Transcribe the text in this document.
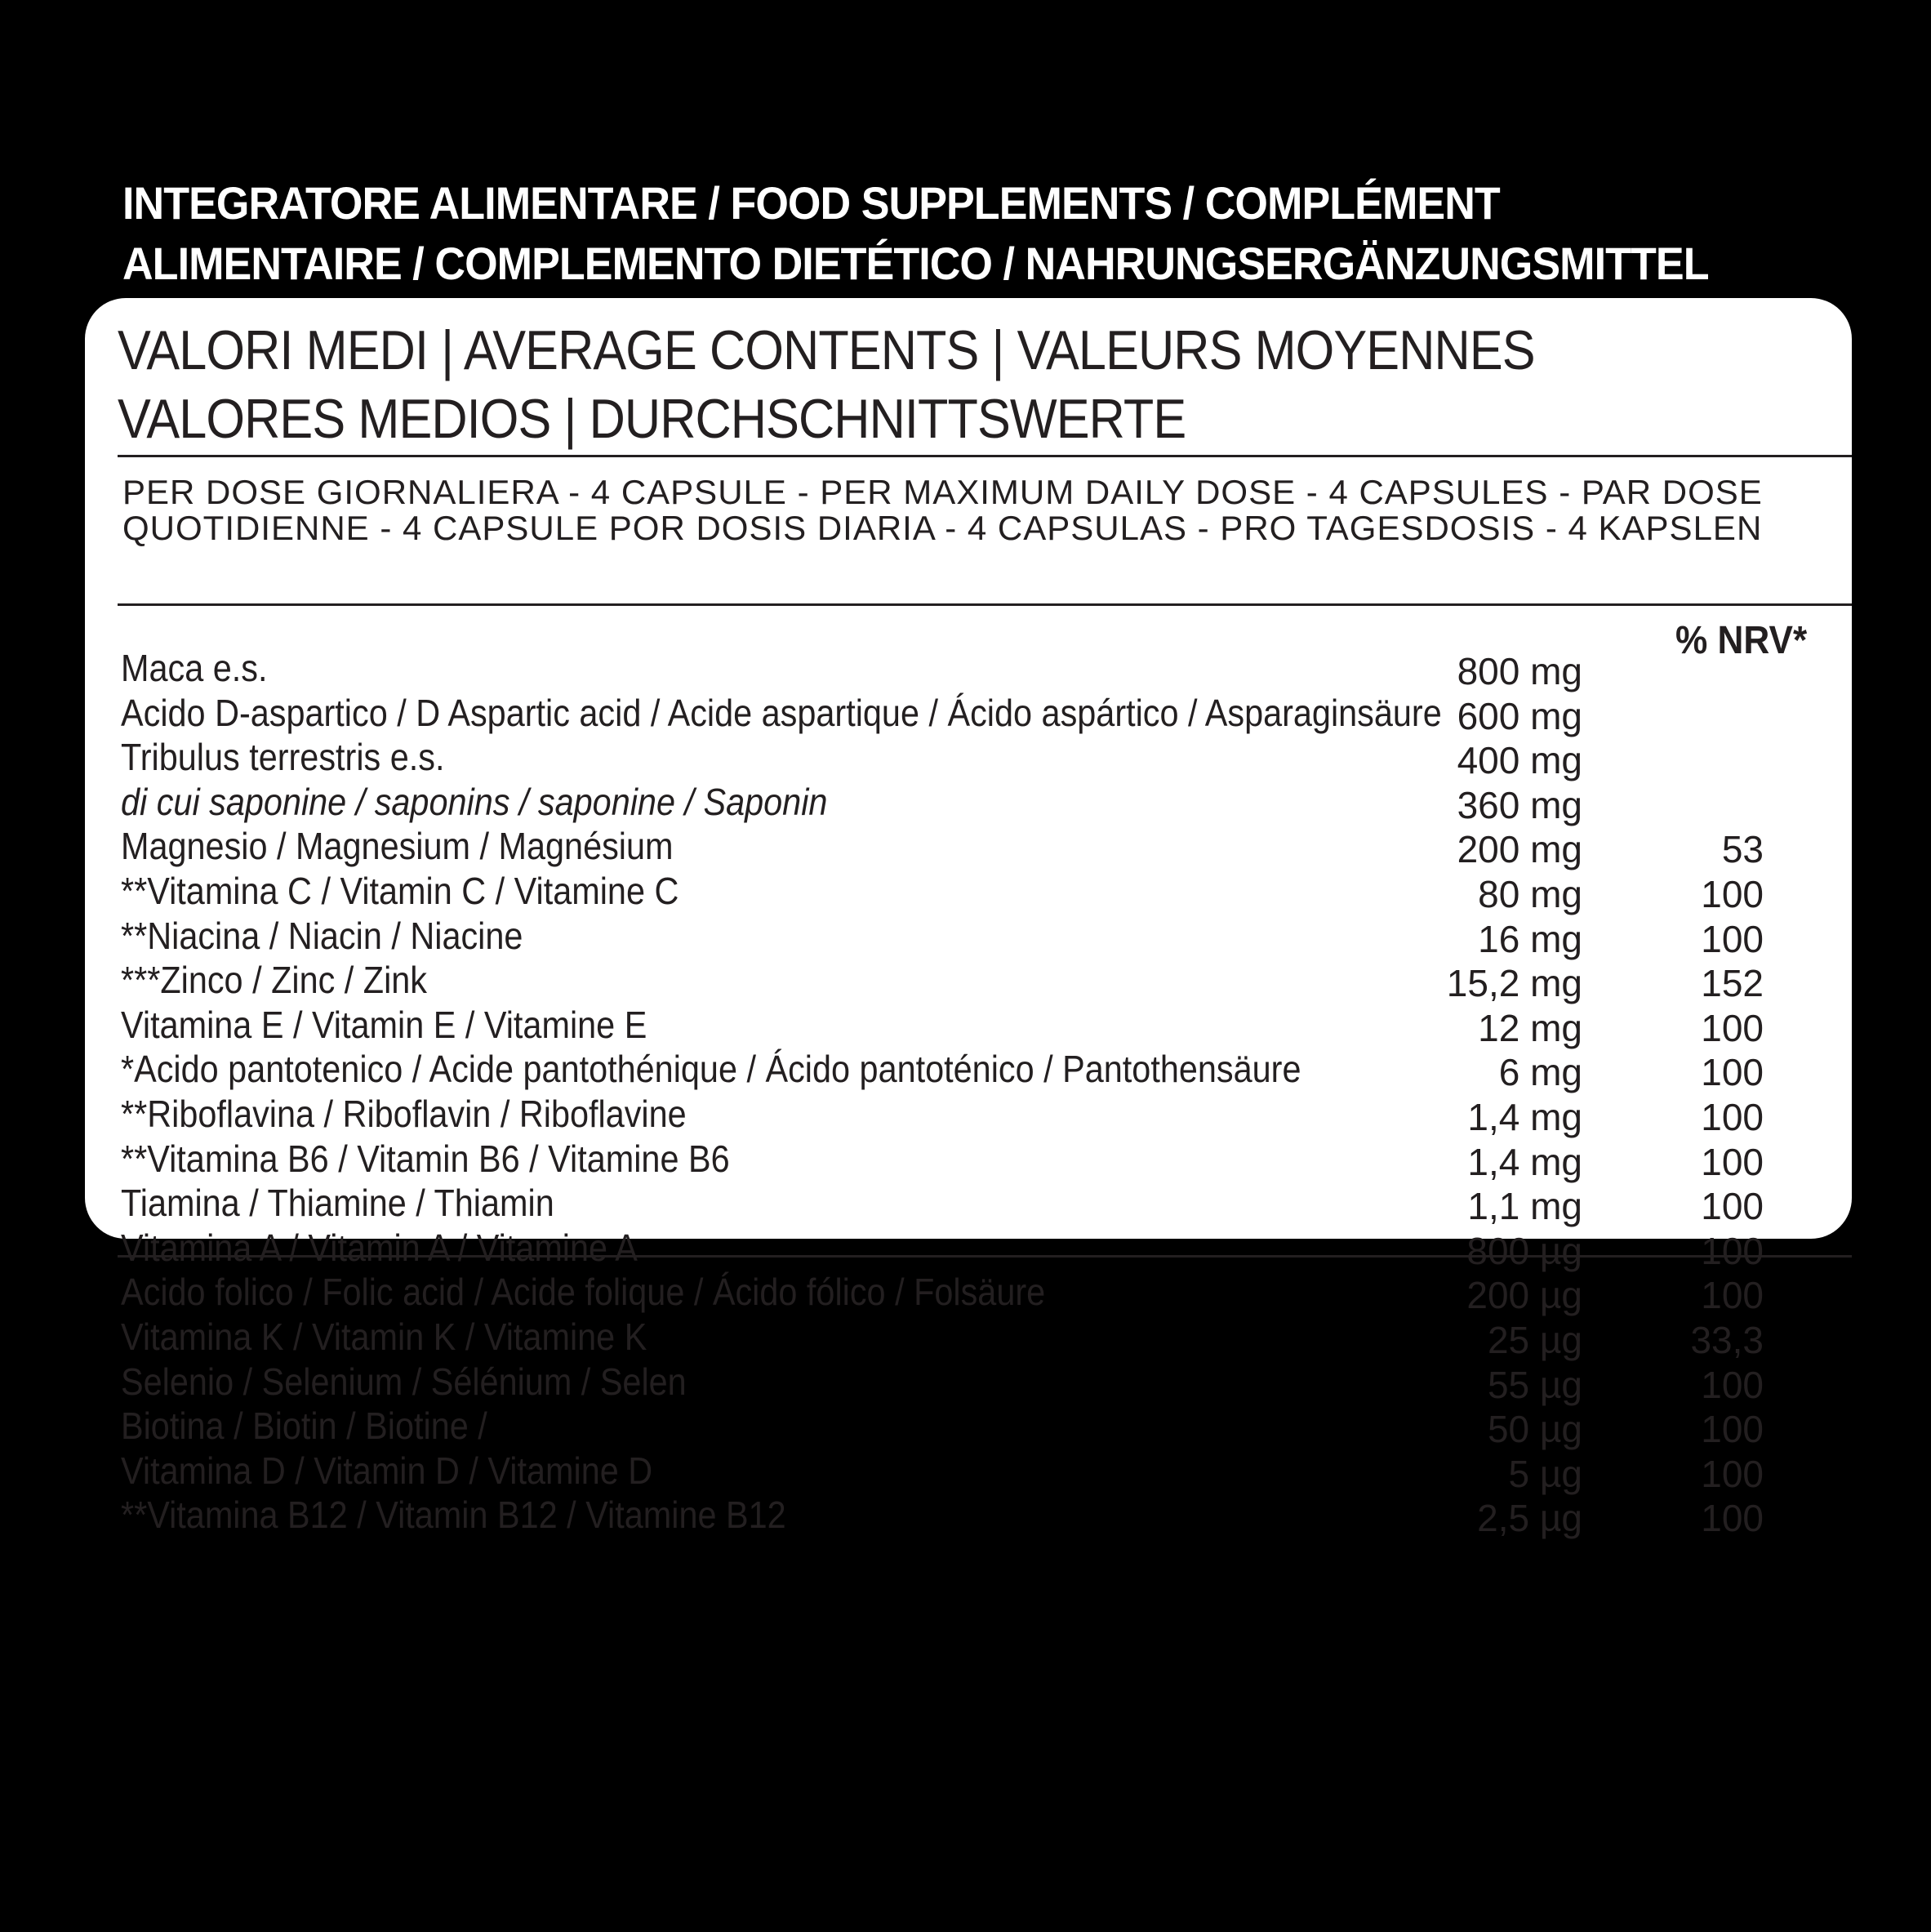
INTEGRATORE ALIMENTARE / FOOD SUPPLEMENTS / COMPLÉMENT
ALIMENTAIRE / COMPLEMENTO DIETÉTICO / NAHRUNGSERGÄNZUNGSMITTEL
VALORI MEDI | AVERAGE CONTENTS | VALEURS MOYENNES
VALORES MEDIOS | DURCHSCHNITTSWERTE
PER DOSE GIORNALIERA - 4 CAPSULE - PER MAXIMUM DAILY DOSE - 4 CAPSULES - PAR DOSE
QUOTIDIENNE - 4 CAPSULE POR DOSIS DIARIA - 4 CAPSULAS - PRO TAGESDOSIS - 4 KAPSLEN
% NRV*
Maca e.s.	800 mg
Acido D-aspartico / D Aspartic acid / Acide aspartique / Ácido aspártico / Asparaginsäure 600 mg
Tribulus terrestris e.s.	400 mg
di cui saponine / saponins / saponine / Saponin	360 mg
Magnesio / Magnesium / Magnésium	200 mg	53
**Vitamina C / Vitamin C / Vitamine C	80 mg	100
**Niacina / Niacin / Niacine	16 mg	100
***Zinco / Zinc / Zink	15,2 mg	152
Vitamina E / Vitamin E / Vitamine E	12 mg	100
*Acido pantotenico / Acide pantothénique / Ácido pantoténico / Pantothensäure	6 mg	100
**Riboflavina / Riboflavin / Riboflavine	1,4 mg	100
**Vitamina B6 / Vitamin B6 / Vitamine B6	1,4 mg	100
Tiamina / Thiamine / Thiamin	1,1 mg	100
Vitamina A / Vitamin A / Vitamine A	800 µg	100
Acido folico / Folic acid / Acide folique / Ácido fólico / Folsäure	200 µg	100
Vitamina K / Vitamin K / Vitamine K	25 µg	33,3
Selenio / Selenium / Sélénium / Selen	55 µg	100
Biotina / Biotin / Biotine /	50 µg	100
Vitamina D / Vitamin D / Vitamine D	5 µg	100
**Vitamina B12 / Vitamin B12 / Vitamine B12	2,5 µg	100
